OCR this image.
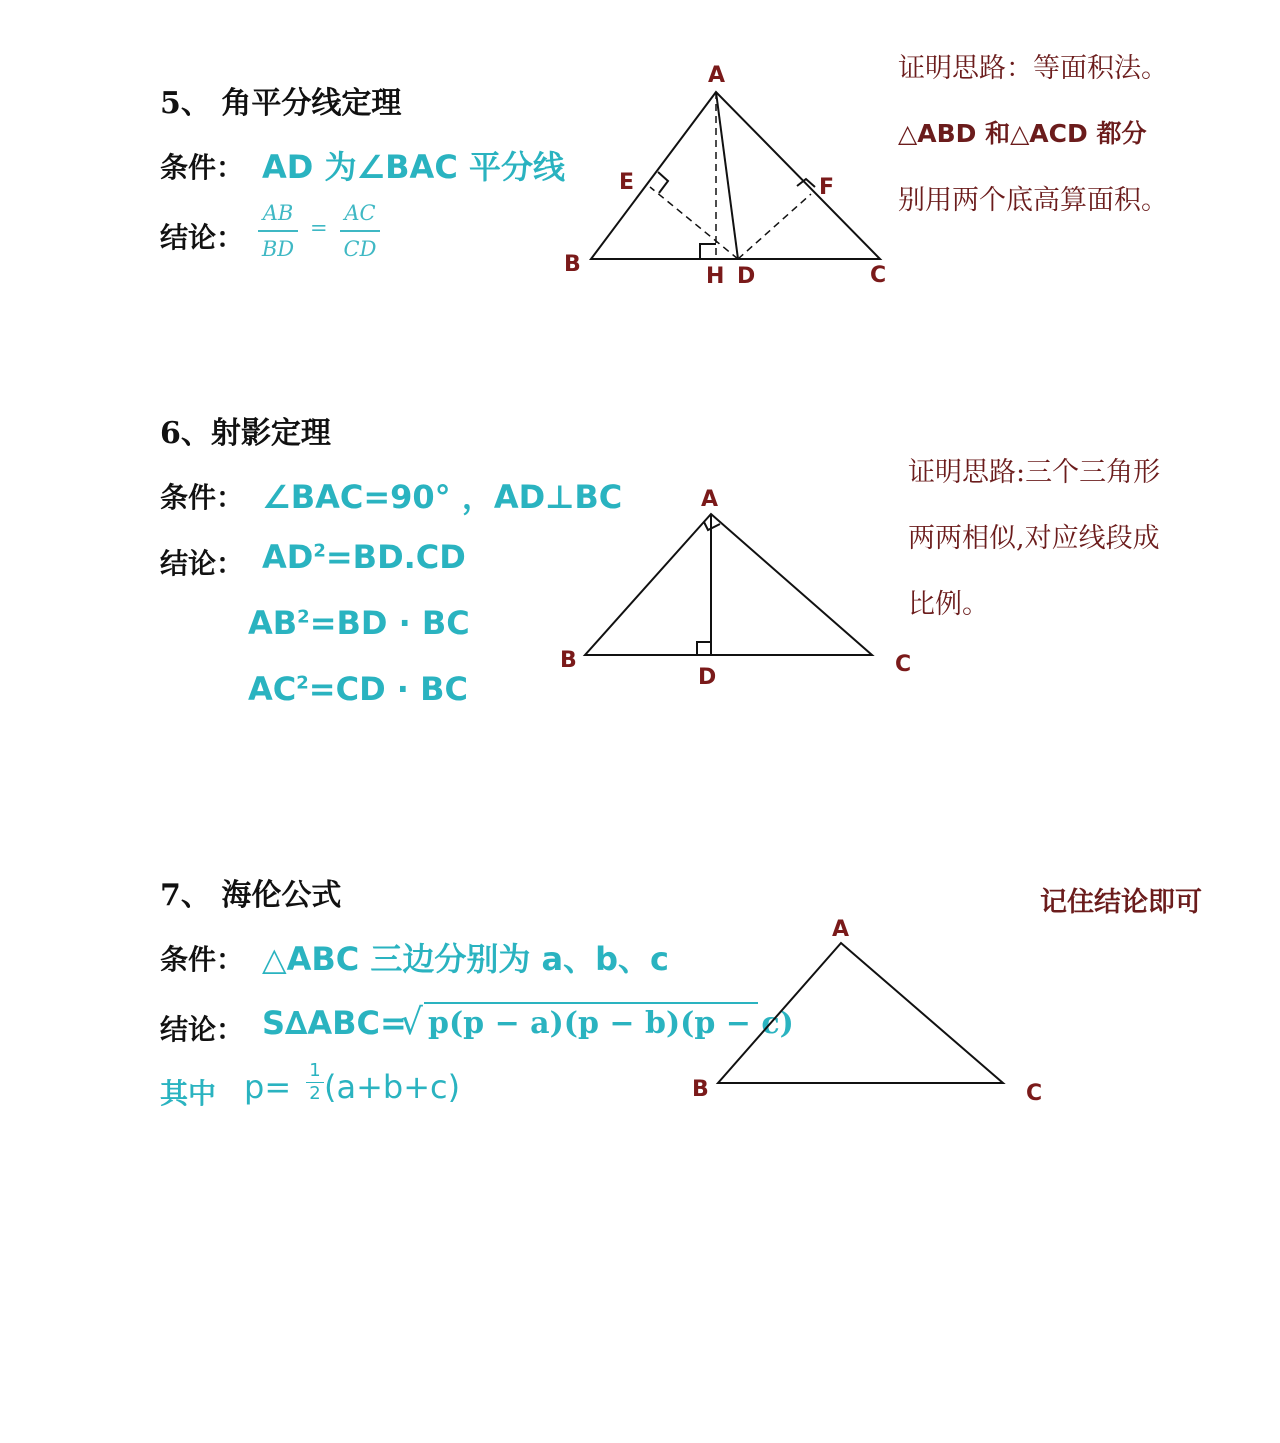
5、 角平分线定理
条件： AD 为∠BAC 平分线
结论：
AB
BD
=
AC
CD
A
B	C
D
E	F
H
证明思路：等面积法。
△ABD 和△ACD 都分
别用两个底高算面积。
6、射影定理
条件： ∠BAC=90° ，AD⊥BC
结论： $AD^2=BD.CD$
$AB^2=BD$ · BC
$AC^2=CD$ · BC
A
B	C
D
证明思路:三个三角形
两两相似,对应线段成
比例。
7、 海伦公式
条件： △ABC 三边分别为 a、b、c
结论： S∆ABC=
√ p(p − a)(p − b)(p − c)
其中 p= 1
2 (a+b+c)
A
B	C
记住结论即可
